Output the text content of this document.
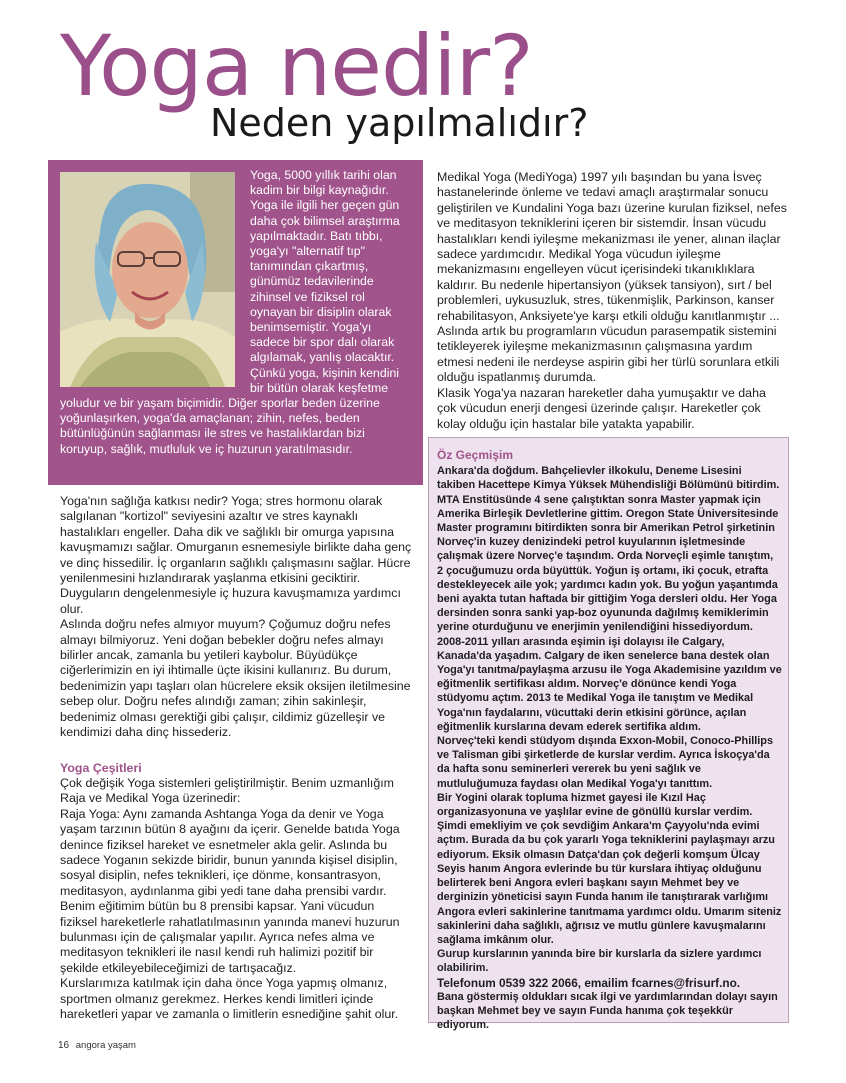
Yoga nedir?
Neden yapılmalıdır?

Yoga, 5000 yıllık tarihi olan kadim bir bilgi kaynağıdır. Yoga ile ilgili her geçen gün daha çok bilimsel araştırma yapılmaktadır. Batı tıbbı, yoga'yı "alternatif tıp" tanımından çıkartmış, günümüz tedavilerinde zihinsel ve fiziksel rol oynayan bir disiplin olarak benimsemiştir. Yoga'yı sadece bir spor dalı olarak algılamak, yanlış olacaktır. Çünkü yoga, kişinin kendini bir bütün olarak keşfetme yoludur ve bir yaşam biçimidir. Diğer sporlar beden üzerine yoğunlaşırken, yoga'da amaçlanan; zihin, nefes, beden bütünlüğünün sağlanması ile stres ve hastalıklardan bizi koruyup, sağlık, mutluluk ve iç huzurun yaratılmasıdır.

Yoga'nın sağlığa katkısı nedir? Yoga; stres hormonu olarak salgılanan "kortizol" seviyesini azaltır ve stres kaynaklı hastalıkları engeller. Daha dik ve sağlıklı bir omurga yapısına kavuşmamızı sağlar. Omurganın esnemesiyle birlikte daha genç ve dinç hissedilir. İç organların sağlıklı çalışmasını sağlar. Hücre yenilenmesini hızlandırarak yaşlanma etkisini geciktirir. Duyguların dengelenmesiyle iç huzura kavuşmamıza yardımcı olur.

Aslında doğru nefes almıyor muyum? Çoğumuz doğru nefes almayı bilmiyoruz. Yeni doğan bebekler doğru nefes almayı bilirler ancak, zamanla bu yetileri kaybolur. Büyüdükçe ciğerlerimizin en iyi ihtimalle üçte ikisini kullanırız. Bu durum, bedenimizin yapı taşları olan hücrelere eksik oksijen iletilmesine sebep olur. Doğru nefes alındığı zaman; zihin sakinleşir, bedenimiz olması gerektiği gibi çalışır, cildimiz güzelleşir ve kendimizi daha dinç hissederiz.

Yoga Çeşitleri

Çok değişik Yoga sistemleri geliştirilmiştir. Benim uzmanlığım Raja ve Medikal Yoga üzerinedir:

Raja Yoga: Aynı zamanda Ashtanga Yoga da denir ve Yoga yaşam tarzının bütün 8 ayağını da içerir. Genelde batıda Yoga denince fiziksel hareket ve esnetmeler akla gelir. Aslında bu sadece Yoganın sekizde biridir, bunun yanında kişisel disiplin, sosyal disiplin, nefes teknikleri, içe dönme, konsantrasyon, meditasyon, aydınlanma gibi yedi tane daha prensibi vardır. Benim eğitimim bütün bu 8 prensibi kapsar. Yani vücudun fiziksel hareketlerle rahatlatılmasının yanında manevi huzurun bulunması için de çalışmalar yapılır. Ayrıca nefes alma ve meditasyon teknikleri ile nasıl kendi ruh halimizi pozitif bir şekilde etkileyebileceğimizi de tartışacağız.

Kurslarımıza katılmak için daha önce Yoga yapmış olmanız, sportmen olmanız gerekmez. Herkes kendi limitleri içinde hareketleri yapar ve zamanla o limitlerin esnediğine şahit olur.

Medikal Yoga (MediYoga) 1997 yılı başından bu yana İsveç hastanelerinde önleme ve tedavi amaçlı araştırmalar sonucu geliştirilen ve Kundalini Yoga bazı üzerine kurulan fiziksel, nefes ve meditasyon tekniklerini içeren bir sistemdir. İnsan vücudu hastalıkları kendi iyileşme mekanizması ile yener, alınan ilaçlar sadece yardımcıdır. Medikal Yoga vücudun iyileşme mekanizmasını engelleyen vücut içerisindeki tıkanıklıklara kaldırır. Bu nedenle hipertansiyon (yüksek tansiyon), sırt / bel problemleri, uykusuzluk, stres, tükenmişlik, Parkinson, kanser rehabilitasyon, Anksiyete'ye karşı etkili olduğu kanıtlanmıştır ... Aslında artık bu programların vücudun parasempatik sistemini tetikleyerek iyileşme mekanizmasının çalışmasına yardım etmesi nedeni ile nerdeyse aspirin gibi her türlü sorunlara etkili olduğu ispatlanmış durumda.

Klasik Yoga'ya nazaran hareketler daha yumuşaktır ve daha çok vücudun enerji dengesi üzerinde çalışır. Hareketler çok kolay olduğu için hastalar bile yatakta yapabilir.

Öz Geçmişim

Ankara'da doğdum. Bahçelievler ilkokulu, Deneme Lisesini takiben Hacettepe Kimya Yüksek Mühendisliği Bölümünü bitirdim. MTA Enstitüsünde 4 sene çalıştıktan sonra Master yapmak için Amerika Birleşik Devletlerine gittim. Oregon State Üniversitesinde Master programını bitirdikten sonra bir Amerikan Petrol şirketinin Norveç'in kuzey denizindeki petrol kuyularının işletmesinde çalışmak üzere Norveç'e taşındım. Orda Norveçli eşimle tanıştım, 2 çocuğumuzu orda büyüttük. Yoğun iş ortamı, iki çocuk, etrafta destekleyecek aile yok; yardımcı kadın yok. Bu yoğun yaşantımda beni ayakta tutan haftada bir gittiğim Yoga dersleri oldu. Her Yoga dersinden sonra sanki yap-boz oyununda dağılmış kemiklerimin yerine oturduğunu ve enerjimin yenilendiğini hissediyordum.

2008-2011 yılları arasında eşimin işi dolayısı ile Calgary, Kanada'da yaşadım. Calgary de iken senelerce bana destek olan Yoga'yı tanıtma/paylaşma arzusu ile Yoga Akademisine yazıldım ve eğitmenlik sertifikası aldım. Norveç'e dönünce kendi Yoga stüdyomu açtım. 2013 te Medikal Yoga ile tanıştım ve Medikal Yoga'nın faydalarını, vücuttaki derin etkisini görünce, açılan eğitmenlik kurslarına devam ederek sertifika aldım.

Norveç'teki kendi stüdyom dışında Exxon-Mobil, Conoco-Phillips ve Talisman gibi şirketlerde de kurslar verdim. Ayrıca İskoçya'da da hafta sonu seminerleri vererek bu yeni sağlık ve mutluluğumuza faydası olan Medikal Yoga'yı tanıttım.

Bir Yogini olarak topluma hizmet gayesi ile Kızıl Haç organizasyonuna ve yaşlılar evine de gönüllü kurslar verdim.

Şimdi emekliyim ve çok sevdiğim Ankara'm Çayyolu'nda evimi açtım. Burada da bu çok yararlı Yoga tekniklerini paylaşmayı arzu ediyorum. Eksik olmasın Datça'dan çok değerli komşum Ülcay Seyis hanım Angora evlerinde bu tür kurslara ihtiyaç olduğunu belirterek beni Angora evleri başkanı sayın Mehmet bey ve derginizin yöneticisi sayın Funda hanım ile tanıştırarak varlığımı Angora evleri sakinlerine tanıtmama yardımcı oldu. Umarım siteniz sakinlerini daha sağlıklı, ağrısız ve mutlu günlere kavuşmalarını sağlama imkânım olur.

Gurup kurslarının yanında bire bir kurslarla da sizlere yardımcı olabilirim.

Telefonum 0539 322 2066, emailim fcarnes@frisurf.no.

Bana göstermiş oldukları sıcak ilgi ve yardımlarından dolayı sayın başkan Mehmet bey ve sayın Funda hanıma çok teşekkür ediyorum.

16 angora yaşam
